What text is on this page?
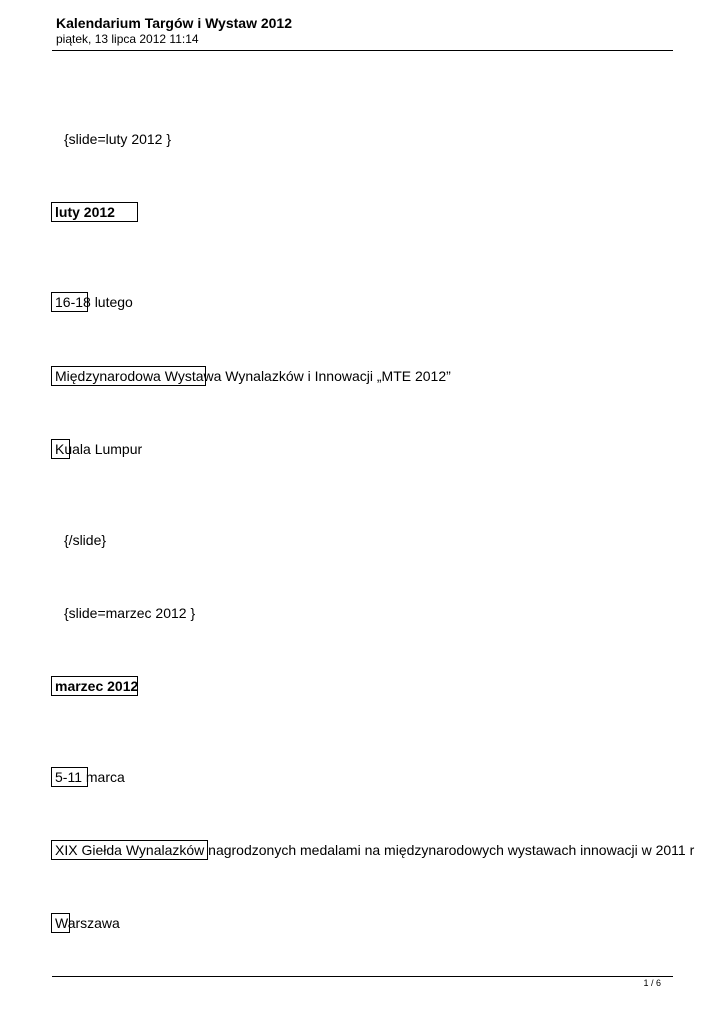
Kalendarium Targów i Wystaw 2012
piątek, 13 lipca 2012 11:14
{slide=luty 2012 }
luty 2012
16-18 lutego
Międzynarodowa Wystawa Wynalazków i Innowacji „MTE 2012”
Kuala Lumpur
{/slide}
{slide=marzec 2012 }
marzec 2012
5-11 marca
XIX Giełda Wynalazków nagrodzonych medalami na międzynarodowych wystawach innowacji w 2011 r
Warszawa
1 / 6
